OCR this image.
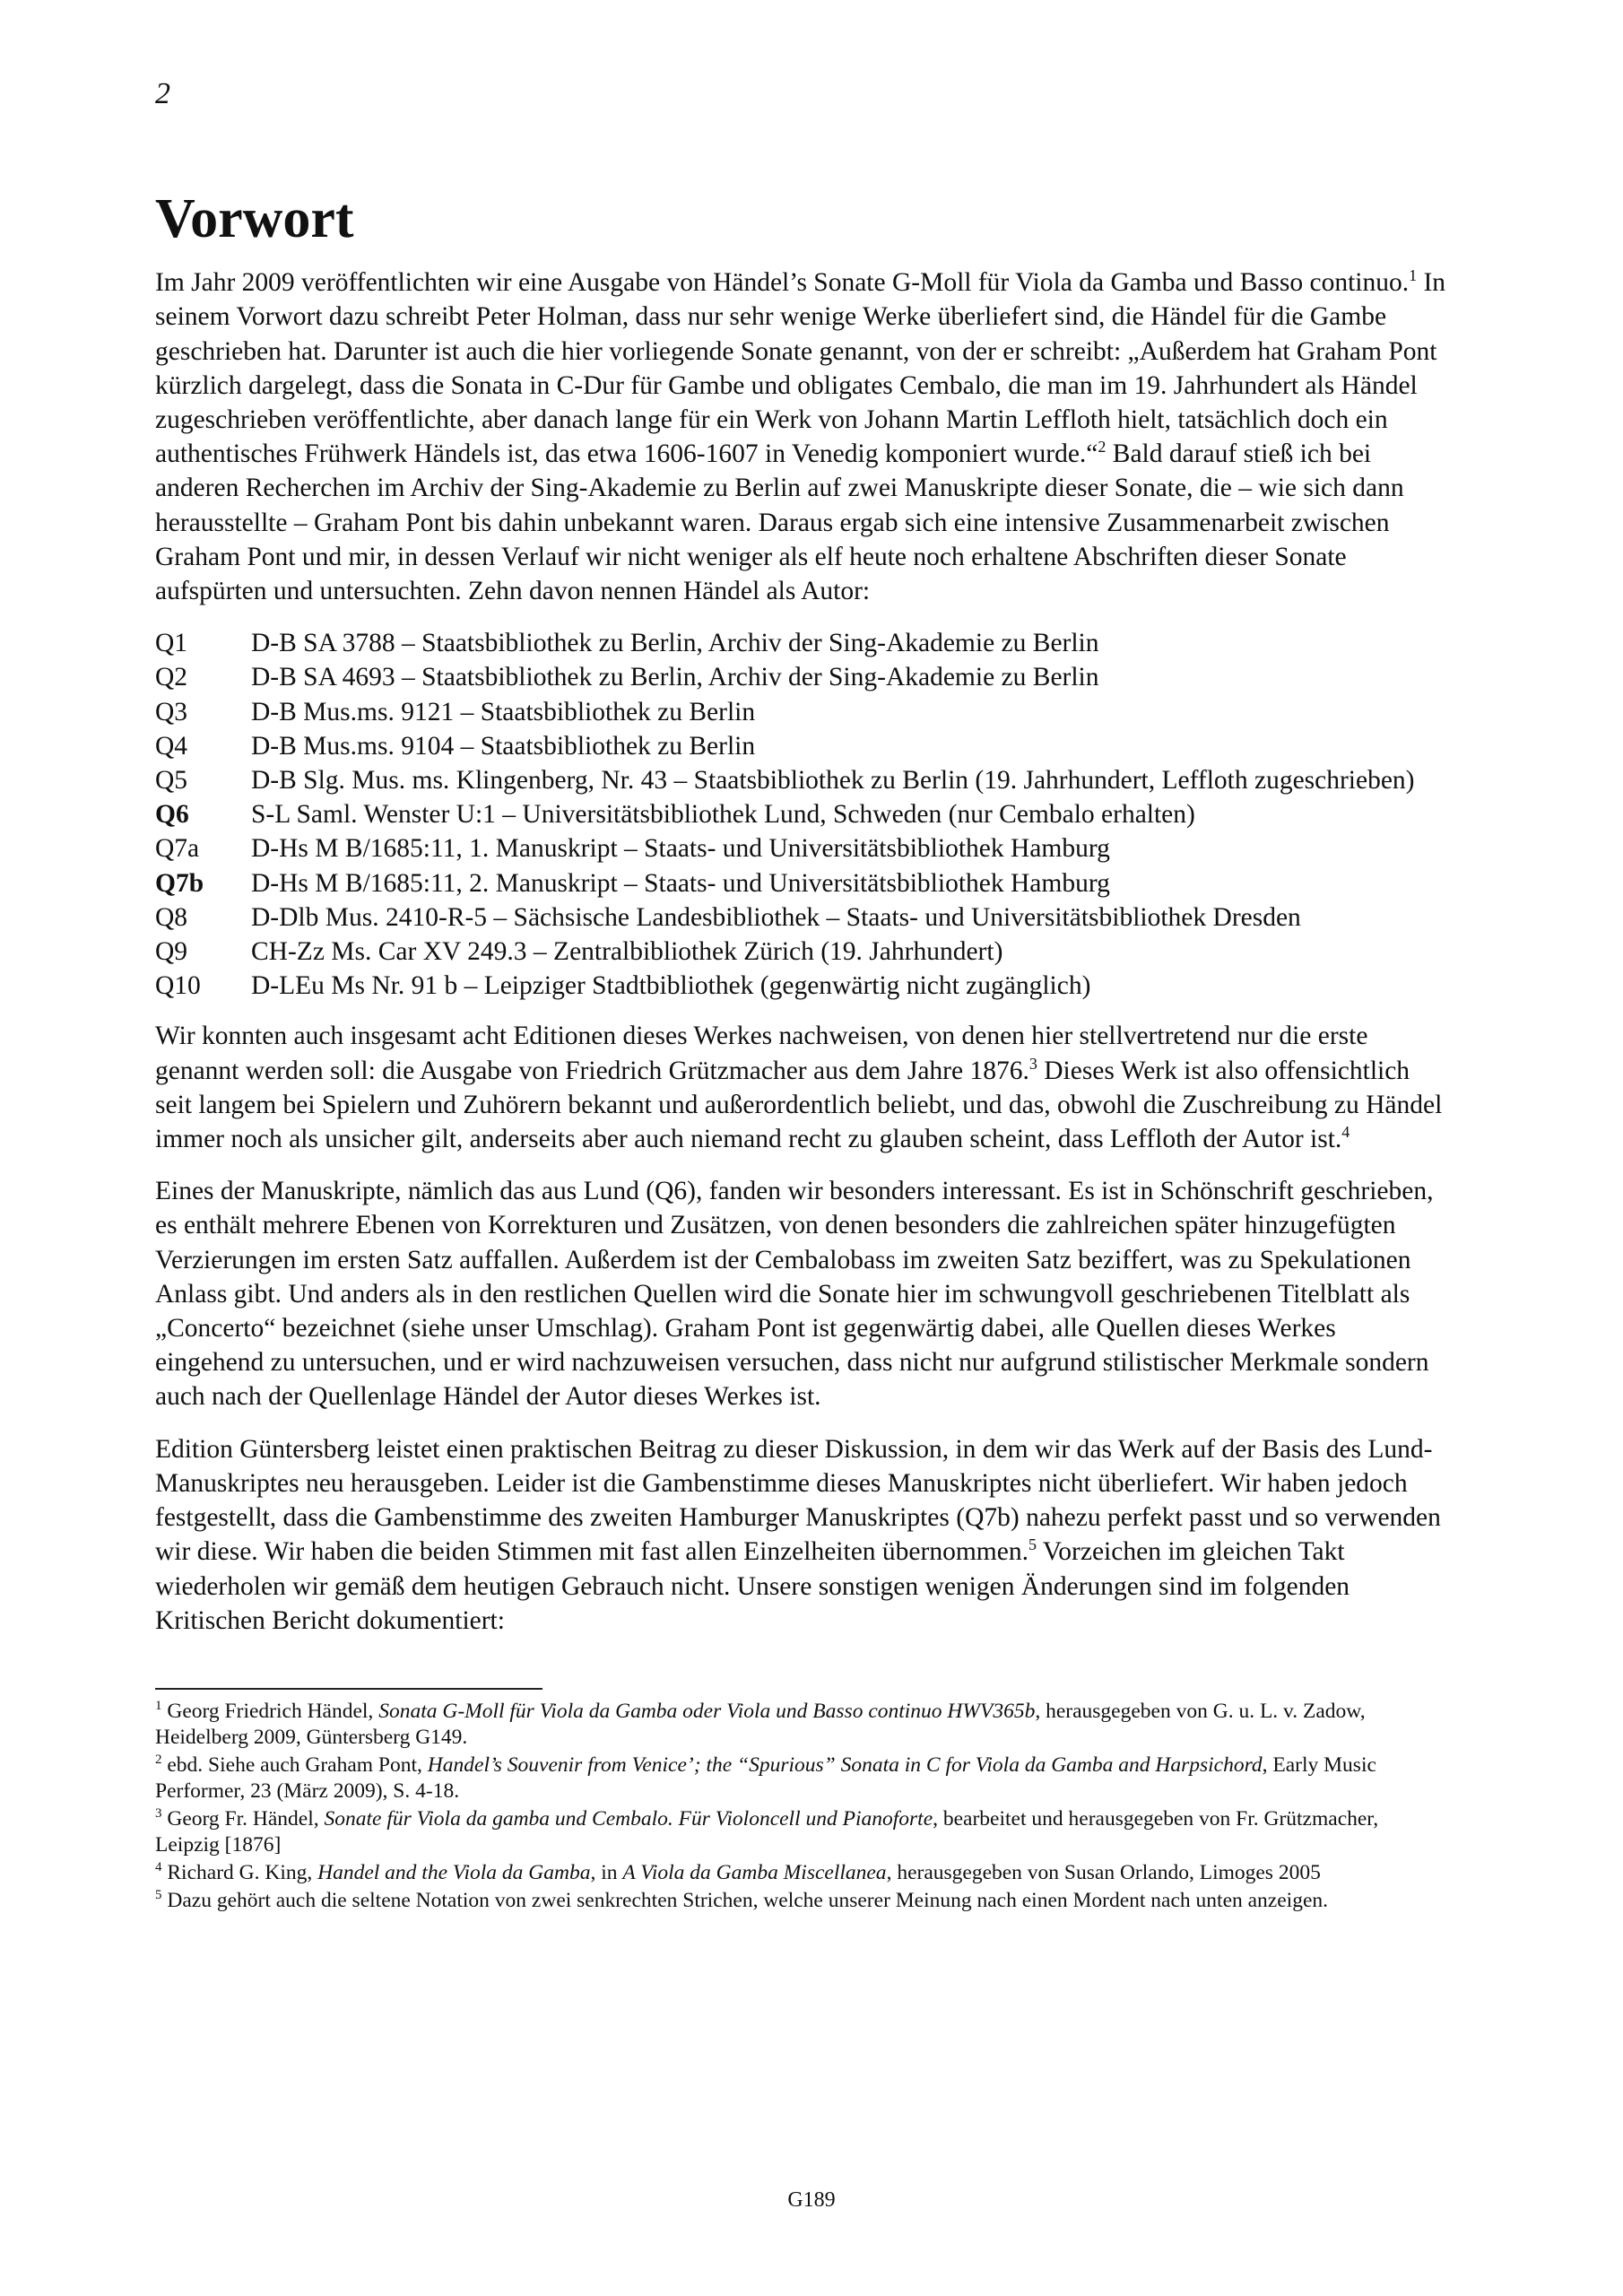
2
Vorwort

Im Jahr 2009 veröffentlichten wir eine Ausgabe von Händel’s Sonate G-Moll für Viola da Gamba und Basso continuo.$^1$ In seinem Vorwort dazu schreibt Peter Holman, dass nur sehr wenige Werke überliefert sind, die Händel für die Gambe geschrieben hat. Darunter ist auch die hier vorliegende Sonate genannt, von der er schreibt: „Außerdem hat Graham Pont kürzlich dargelegt, dass die Sonata in C-Dur für Gambe und obligates Cembalo, die man im 19. Jahrhundert als Händel zugeschrieben veröffentlichte, aber danach lange für ein Werk von Johann Martin Leffloth hielt, tatsächlich doch ein authentisches Frühwerk Händels ist, das etwa 1606-1607 in Venedig komponiert wurde.“$^2$ Bald darauf stieß ich bei anderen Recherchen im Archiv der Sing-Akademie zu Berlin auf zwei Manuskripte dieser Sonate, die – wie sich dann herausstellte – Graham Pont bis dahin unbekannt waren. Daraus ergab sich eine intensive Zusammenarbeit zwischen Graham Pont und mir, in dessen Verlauf wir nicht weniger als elf heute noch erhaltene Abschriften dieser Sonate aufspürten und untersuchten. Zehn davon nennen Händel als Autor:

Q1	D-B SA 3788 – Staatsbibliothek zu Berlin, Archiv der Sing-Akademie zu Berlin
Q2	D-B SA 4693 – Staatsbibliothek zu Berlin, Archiv der Sing-Akademie zu Berlin
Q3	D-B Mus.ms. 9121 – Staatsbibliothek zu Berlin
Q4	D-B Mus.ms. 9104 – Staatsbibliothek zu Berlin
Q5	D-B Slg. Mus. ms. Klingenberg, Nr. 43 – Staatsbibliothek zu Berlin (19. Jahrhundert, Leffloth zugeschrieben)
Q6	S-L Saml. Wenster U:1 – Universitätsbibliothek Lund, Schweden (nur Cembalo erhalten)
Q7a	D-Hs M B/1685:11, 1. Manuskript – Staats- und Universitätsbibliothek Hamburg
Q7b	D-Hs M B/1685:11, 2. Manuskript – Staats- und Universitätsbibliothek Hamburg
Q8	D-Dlb Mus. 2410-R-5 – Sächsische Landesbibliothek – Staats- und Universitätsbibliothek Dresden
Q9	CH-Zz Ms. Car XV 249.3 – Zentralbibliothek Zürich (19. Jahrhundert)
Q10	D-LEu Ms Nr. 91 b – Leipziger Stadtbibliothek (gegenwärtig nicht zugänglich)

Wir konnten auch insgesamt acht Editionen dieses Werkes nachweisen, von denen hier stellvertretend nur die erste genannt werden soll: die Ausgabe von Friedrich Grützmacher aus dem Jahre 1876.$^3$ Dieses Werk ist also offensichtlich seit langem bei Spielern und Zuhörern bekannt und außerordentlich beliebt, und das, obwohl die Zuschreibung zu Händel immer noch als unsicher gilt, anderseits aber auch niemand recht zu glauben scheint, dass Leffloth der Autor ist.$^4$

Eines der Manuskripte, nämlich das aus Lund (Q6), fanden wir besonders interessant. Es ist in Schönschrift geschrieben, es enthält mehrere Ebenen von Korrekturen und Zusätzen, von denen besonders die zahlreichen später hinzugefügten Verzierungen im ersten Satz auffallen. Außerdem ist der Cembalobass im zweiten Satz beziffert, was zu Spekulationen Anlass gibt. Und anders als in den restlichen Quellen wird die Sonate hier im schwungvoll geschriebenen Titelblatt als „Concerto“ bezeichnet (siehe unser Umschlag). Graham Pont ist gegenwärtig dabei, alle Quellen dieses Werkes eingehend zu untersuchen, und er wird nachzuweisen versuchen, dass nicht nur aufgrund stilistischer Merkmale sondern auch nach der Quellenlage Händel der Autor dieses Werkes ist.

Edition Güntersberg leistet einen praktischen Beitrag zu dieser Diskussion, in dem wir das Werk auf der Basis des Lund-Manuskriptes neu herausgeben. Leider ist die Gambenstimme dieses Manuskriptes nicht überliefert. Wir haben jedoch festgestellt, dass die Gambenstimme des zweiten Hamburger Manuskriptes (Q7b) nahezu perfekt passt und so verwenden wir diese. Wir haben die beiden Stimmen mit fast allen Einzelheiten übernommen.$^5$ Vorzeichen im gleichen Takt wiederholen wir gemäß dem heutigen Gebrauch nicht. Unsere sonstigen wenigen Änderungen sind im folgenden Kritischen Bericht dokumentiert:

$^1$ Georg Friedrich Händel, Sonata G-Moll für Viola da Gamba oder Viola und Basso continuo HWV365b, herausgegeben von G. u. L. v. Zadow, Heidelberg 2009, Güntersberg G149.
$^2$ ebd. Siehe auch Graham Pont, Handel’s Souvenir from Venice’; the “Spurious” Sonata in C for Viola da Gamba and Harpsichord, Early Music Performer, 23 (März 2009), S. 4-18.
$^3$ Georg Fr. Händel, Sonate für Viola da gamba und Cembalo. Für Violoncell und Pianoforte, bearbeitet und herausgegeben von Fr. Grützmacher, Leipzig [1876]
$^4$ Richard G. King, Handel and the Viola da Gamba, in A Viola da Gamba Miscellanea, herausgegeben von Susan Orlando, Limoges 2005
$^5$ Dazu gehört auch die seltene Notation von zwei senkrechten Strichen, welche unserer Meinung nach einen Mordent nach unten anzeigen.
G189
